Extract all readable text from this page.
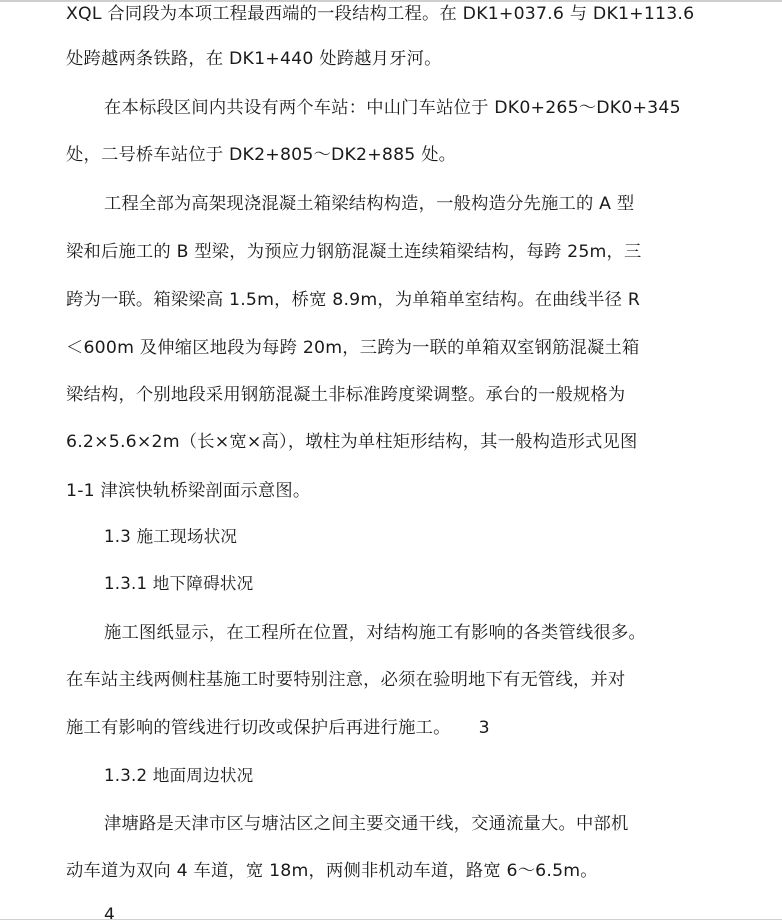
XQL 合同段为本项工程最西端的一段结构工程。在 DK1+037.6 与 DK1+113.6
处跨越两条铁路，在 DK1+440 处跨越月牙河。
在本标段区间内共设有两个车站：中山门车站位于 DK0+265～DK0+345
处，二号桥车站位于 DK2+805～DK2+885 处。
工程全部为高架现浇混凝土箱梁结构构造，一般构造分先施工的 A 型
梁和后施工的 B 型梁，为预应力钢筋混凝土连续箱梁结构，每跨 25m，三
跨为一联。箱梁梁高 1.5m，桥宽 8.9m，为单箱单室结构。在曲线半径 R
＜600m 及伸缩区地段为每跨 20m，三跨为一联的单箱双室钢筋混凝土箱
梁结构，个别地段采用钢筋混凝土非标准跨度梁调整。承台的一般规格为
6.2×5.6×2m（长×宽×高），墩柱为单柱矩形结构，其一般构造形式见图
1-1 津滨快轨桥梁剖面示意图。
1.3 施工现场状况
1.3.1 地下障碍状况
施工图纸显示，在工程所在位置，对结构施工有影响的各类管线很多。
在车站主线两侧柱基施工时要特别注意，必须在验明地下有无管线，并对
施工有影响的管线进行切改或保护后再进行施工。 3
1.3.2 地面周边状况
津塘路是天津市区与塘沽区之间主要交通干线，交通流量大。中部机
动车道为双向 4 车道，宽 18m，两侧非机动车道，路宽 6～6.5m。
4
